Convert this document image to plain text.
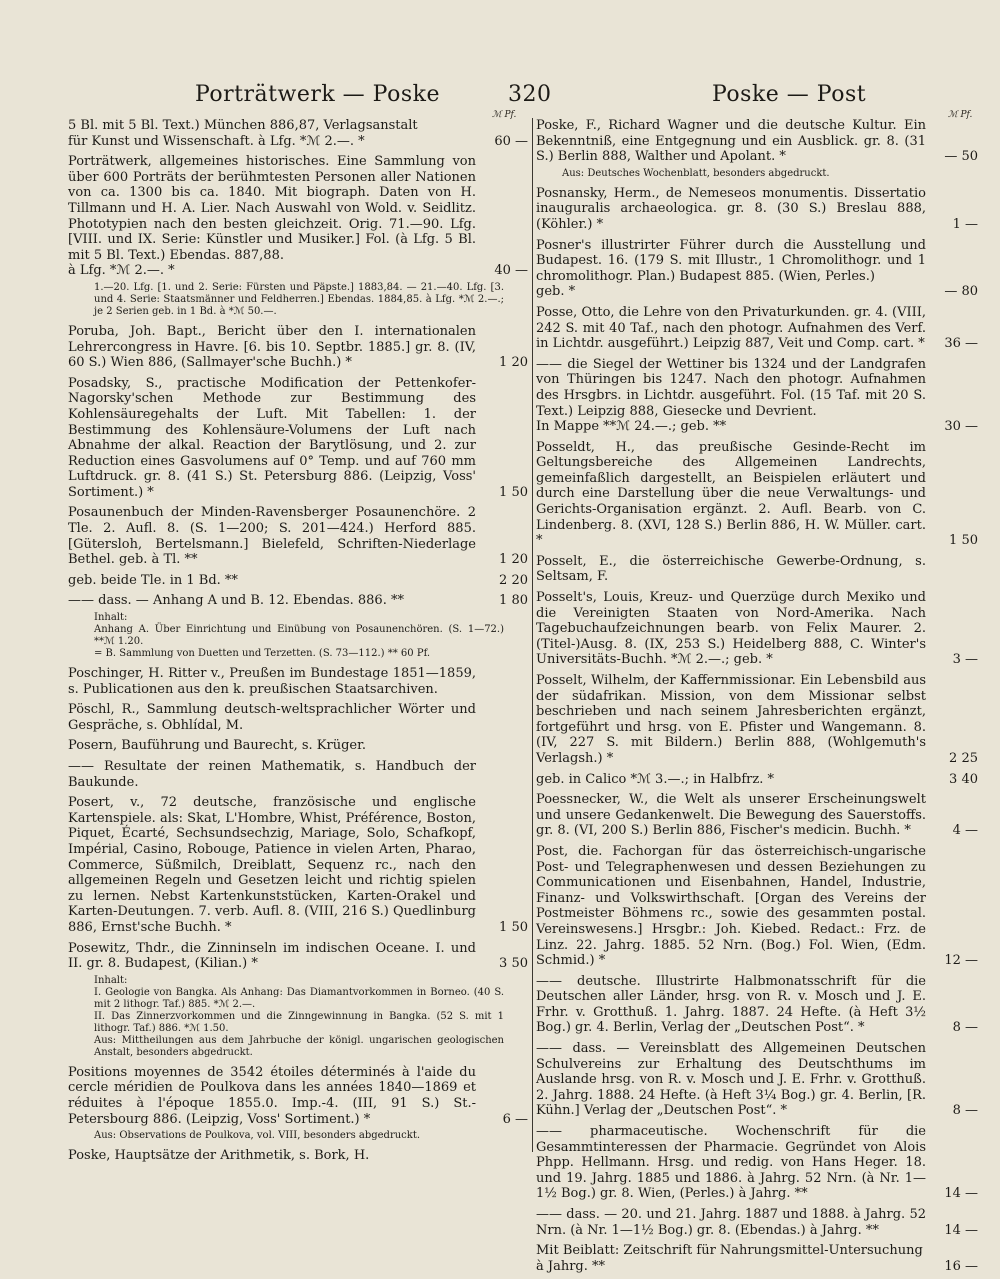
Porträtwerk — Poske	320	Poske — Post
ℳ Pf.	ℳ Pf.
5 Bl. mit 5 Bl. Text.) München 886,87, Verlagsanstalt
für Kunst und Wissenschaft. à Lfg. *ℳ 2.—. *	60 —
Porträtwerk, allgemeines historisches. Eine Sammlung von über 600 Porträts der berühmtesten Personen aller Nationen von ca. 1300 bis ca. 1840. Mit biograph. Daten von H. Tillmann und H. A. Lier. Nach Auswahl von Wold. v. Seidlitz. Phototypien nach den besten gleichzeit. Orig. 71.—90. Lfg. [VIII. und IX. Serie: Künstler und Musiker.] Fol. (à Lfg. 5 Bl. mit 5 Bl. Text.) Ebendas. 887,88.
à Lfg. *ℳ 2.—. *	40 —
1.—20. Lfg. [1. und 2. Serie: Fürsten und Päpste.] 1883,84. — 21.—40. Lfg. [3. und 4. Serie: Staatsmänner und Feldherren.] Ebendas. 1884,85. à Lfg. *ℳ 2.—.; je 2 Serien geb. in 1 Bd. à *ℳ 50.—.
Poruba, Joh. Bapt., Bericht über den I. internationalen Lehrercongress in Havre. [6. bis 10. Septbr. 1885.] gr. 8. (IV, 60 S.) Wien 886, (Sallmayer'sche Buchh.) *	1 20
Posadsky, S., practische Modification der Pettenkofer-Nagorsky'schen Methode zur Bestimmung des Kohlensäuregehalts der Luft. Mit Tabellen: 1. der Bestimmung des Kohlensäure-Volumens der Luft nach Abnahme der alkal. Reaction der Barytlösung, und 2. zur Reduction eines Gasvolumens auf 0° Temp. und auf 760 mm Luftdruck. gr. 8. (41 S.) St. Petersburg 886. (Leipzig, Voss' Sortiment.) *	1 50
Posaunenbuch der Minden-Ravensberger Posaunenchöre. 2 Tle. 2. Aufl. 8. (S. 1—200; S. 201—424.) Herford 885. [Gütersloh, Bertelsmann.] Bielefeld, Schriften-Niederlage Bethel. geb. à Tl. **	1 20
geb. beide Tle. in 1 Bd. **	2 20
—— dass. — Anhang A und B. 12. Ebendas. 886. **	1 80
Inhalt:
Anhang A. Über Einrichtung und Einübung von Posaunenchören. (S. 1—72.) **ℳ 1.20.
= B. Sammlung von Duetten und Terzetten. (S. 73—112.) ** 60 Pf.
Poschinger, H. Ritter v., Preußen im Bundestage 1851—1859, s. Publicationen aus den k. preußischen Staatsarchiven.
Pöschl, R., Sammlung deutsch-weltsprachlicher Wörter und Gespräche, s. Obhlídal, M.
Posern, Bauführung und Baurecht, s. Krüger.
—— Resultate der reinen Mathematik, s. Handbuch der Baukunde.
Posert, v., 72 deutsche, französische und englische Kartenspiele. als: Skat, L'Hombre, Whist, Préférence, Boston, Piquet, Écarté, Sechsundsechzig, Mariage, Solo, Schafkopf, Impérial, Casino, Robouge, Patience in vielen Arten, Pharao, Commerce, Süßmilch, Dreiblatt, Sequenz rc., nach den allgemeinen Regeln und Gesetzen leicht und richtig spielen zu lernen. Nebst Kartenkunststücken, Karten-Orakel und Karten-Deutungen. 7. verb. Aufl. 8. (VIII, 216 S.) Quedlinburg 886, Ernst'sche Buchh. *	1 50
Posewitz, Thdr., die Zinninseln im indischen Oceane. I. und II. gr. 8. Budapest, (Kilian.) *	3 50
Inhalt:
I. Geologie von Bangka. Als Anhang: Das Diamantvorkommen in Borneo. (40 S. mit 2 lithogr. Taf.) 885. *ℳ 2.—.
II. Das Zinnerzvorkommen und die Zinngewinnung in Bangka. (52 S. mit 1 lithogr. Taf.) 886. *ℳ 1.50.
Aus: Mittheilungen aus dem Jahrbuche der königl. ungarischen geologischen Anstalt, besonders abgedruckt.
Positions moyennes de 3542 étoiles déterminés à l'aide du cercle méridien de Poulkova dans les années 1840—1869 et réduites à l'époque 1855.0. Imp.-4. (III, 91 S.) St.-Petersbourg 886. (Leipzig, Voss' Sortiment.) *	6 —
Aus: Observations de Poulkova, vol. VIII, besonders abgedruckt.
Poske, Hauptsätze der Arithmetik, s. Bork, H.
Poske, F., Richard Wagner und die deutsche Kultur. Ein Bekenntniß, eine Entgegnung und ein Ausblick. gr. 8. (31 S.) Berlin 888, Walther und Apolant. *	— 50
Aus: Deutsches Wochenblatt, besonders abgedruckt.
Posnansky, Herm., de Nemeseos monumentis. Dissertatio inauguralis archaeologica. gr. 8. (30 S.) Breslau 888, (Köhler.) *	1 —
Posner's illustrirter Führer durch die Ausstellung und Budapest. 16. (179 S. mit Illustr., 1 Chromolithogr. und 1 chromolithogr. Plan.) Budapest 885. (Wien, Perles.)
geb. *	— 80
Posse, Otto, die Lehre von den Privaturkunden. gr. 4. (VIII, 242 S. mit 40 Taf., nach den photogr. Aufnahmen des Verf. in Lichtdr. ausgeführt.) Leipzig 887, Veit und Comp. cart. *	36 —
—— die Siegel der Wettiner bis 1324 und der Landgrafen von Thüringen bis 1247. Nach den photogr. Aufnahmen des Hrsgbrs. in Lichtdr. ausgeführt. Fol. (15 Taf. mit 20 S. Text.) Leipzig 888, Giesecke und Devrient.
In Mappe **ℳ 24.—.; geb. **	30 —
Posseldt, H., das preußische Gesinde-Recht im Geltungsbereiche des Allgemeinen Landrechts, gemeinfaßlich dargestellt, an Beispielen erläutert und durch eine Darstellung über die neue Verwaltungs- und Gerichts-Organisation ergänzt. 2. Aufl. Bearb. von C. Lindenberg. 8. (XVI, 128 S.) Berlin 886, H. W. Müller. cart. *	1 50
Posselt, E., die österreichische Gewerbe-Ordnung, s. Seltsam, F.
Posselt's, Louis, Kreuz- und Querzüge durch Mexiko und die Vereinigten Staaten von Nord-Amerika. Nach Tagebuchaufzeichnungen bearb. von Felix Maurer. 2. (Titel-)Ausg. 8. (IX, 253 S.) Heidelberg 888, C. Winter's Universitäts-Buchh. *ℳ 2.—.; geb. *	3 —
Posselt, Wilhelm, der Kaffernmissionar. Ein Lebensbild aus der südafrikan. Mission, von dem Missionar selbst beschrieben und nach seinem Jahresberichten ergänzt, fortgeführt und hrsg. von E. Pfister und Wangemann. 8. (IV, 227 S. mit Bildern.) Berlin 888, (Wohlgemuth's Verlagsh.) *	2 25
geb. in Calico *ℳ 3.—.; in Halbfrz. *	3 40
Poessnecker, W., die Welt als unserer Erscheinungswelt und unsere Gedankenwelt. Die Bewegung des Sauerstoffs. gr. 8. (VI, 200 S.) Berlin 886, Fischer's medicin. Buchh. *	4 —
Post, die. Fachorgan für das österreichisch-ungarische Post- und Telegraphenwesen und dessen Beziehungen zu Communicationen und Eisenbahnen, Handel, Industrie, Finanz- und Volkswirthschaft. [Organ des Vereins der Postmeister Böhmens rc., sowie des gesammten postal. Vereinswesens.] Hrsgbr.: Joh. Kiebed. Redact.: Frz. de Linz. 22. Jahrg. 1885. 52 Nrn. (Bog.) Fol. Wien, (Edm. Schmid.) *	12 —
—— deutsche. Illustrirte Halbmonatsschrift für die Deutschen aller Länder, hrsg. von R. v. Mosch und J. E. Frhr. v. Grotthuß. 1. Jahrg. 1887. 24 Hefte. (à Heft 3½ Bog.) gr. 4. Berlin, Verlag der „Deutschen Post“. *	8 —
—— dass. — Vereinsblatt des Allgemeinen Deutschen Schulvereins zur Erhaltung des Deutschthums im Auslande hrsg. von R. v. Mosch und J. E. Frhr. v. Grotthuß. 2. Jahrg. 1888. 24 Hefte. (à Heft 3¼ Bog.) gr. 4. Berlin, [R. Kühn.] Verlag der „Deutschen Post“. *	8 —
—— pharmaceutische. Wochenschrift für die Gesammtinteressen der Pharmacie. Gegründet von Alois Phpp. Hellmann. Hrsg. und redig. von Hans Heger. 18. und 19. Jahrg. 1885 und 1886. à Jahrg. 52 Nrn. (à Nr. 1—1½ Bog.) gr. 8. Wien, (Perles.) à Jahrg. **	14 —
—— dass. — 20. und 21. Jahrg. 1887 und 1888. à Jahrg. 52 Nrn. (à Nr. 1—1½ Bog.) gr. 8. (Ebendas.) à Jahrg. **	14 —
Mit Beiblatt: Zeitschrift für Nahrungsmittel-Untersuchung
à Jahrg. **	16 —
